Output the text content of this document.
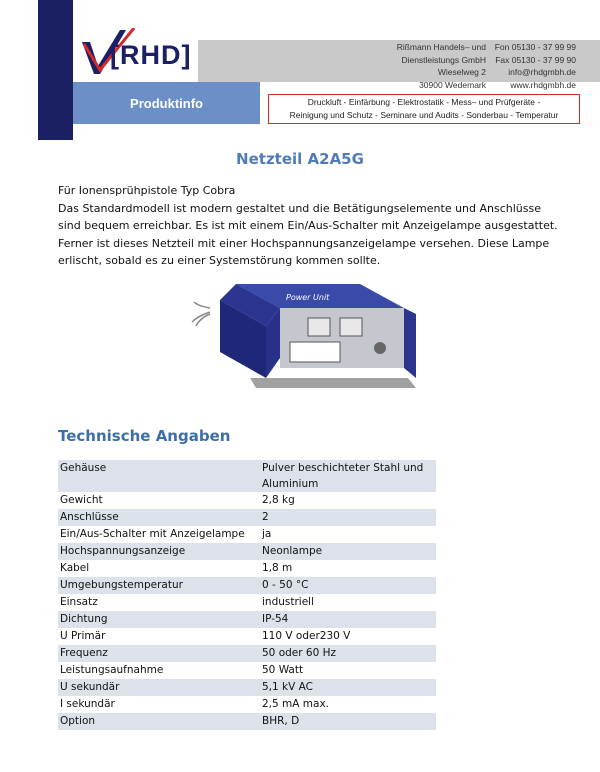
[RHD]	Rißmann Handels– und
Dienstleistungs GmbH
Wieselweg 2
30900 Wedemark
Fon 05130 - 37 99 99
Fax 05130 - 37 99 90
info@rhdgmbh.de
www.rhdgmbh.de
Produktinfo	Druckluft - Einfärbung - Elektrostatik - Mess– und Prüfgeräte -
Reinigung und Schutz - Seminare und Audits - Sonderbau - Temperatur
Netzteil A2A5G

Für Ionensprühpistole Typ Cobra

Das Standardmodell ist modern gestaltet und die Betätigungselemente und Anschlüsse sind bequem erreichbar. Es ist mit einem Ein/Aus-Schalter mit Anzeigelampe ausgestattet. Ferner ist dieses Netzteil mit einer Hochspannungsanzeigelampe versehen. Diese Lampe erlischt, sobald es zu einer Systemstörung kommen sollte.

Power Unit
Technische Angaben
Gehäuse	Pulver beschichteter Stahl und Aluminium
Gewicht	2,8 kg
Anschlüsse	2
Ein/Aus-Schalter mit Anzeigelampe	ja
Hochspannungsanzeige	Neonlampe
Kabel	1,8 m
Umgebungstemperatur	0 - 50 °C
Einsatz	industriell
Dichtung	IP-54
U Primär	110 V oder230 V
Frequenz	50 oder 60 Hz
Leistungsaufnahme	50 Watt
U sekundär	5,1 kV AC
I sekundär	2,5 mA max.
Option	BHR, D
